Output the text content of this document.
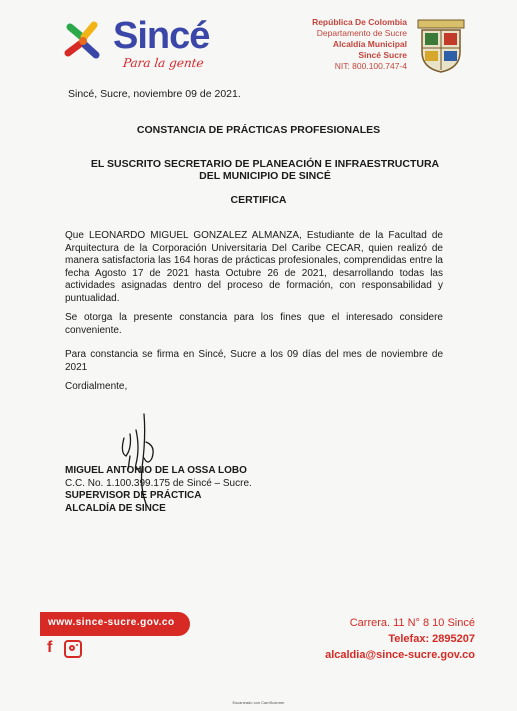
Sincé
Para la gente
República De Colombia
Departamento de Sucre
Alcaldía Municipal
Sincé Sucre
NIT: 800.100.747-4
Sincé, Sucre, noviembre 09 de 2021.
CONSTANCIA DE PRÁCTICAS PROFESIONALES
EL SUSCRITO SECRETARIO DE PLANEACIÓN E INFRAESTRUCTURA DEL MUNICIPIO DE SINCÉ
CERTIFICA
Que LEONARDO MIGUEL GONZALEZ ALMANZA, Estudiante de la Facultad de Arquitectura de la Corporación Universitaria Del Caribe CECAR, quien realizó de manera satisfactoria las 164 horas de prácticas profesionales, comprendidas entre la fecha Agosto 17 de 2021 hasta Octubre 26 de 2021, desarrollando todas las actividades asignadas dentro del proceso de formación, con responsabilidad y puntualidad.
Se otorga la presente constancia para los fines que el interesado considere conveniente.
Para constancia se firma en Sincé, Sucre a los 09 días del mes de noviembre de 2021
Cordialmente,
MIGUEL ANTONIO DE LA OSSA LOBO
C.C. No. 1.100.399.175 de Sincé – Sucre.
SUPERVISOR DE PRÁCTICA
ALCALDÍA DE SINCE
www.since-sucre.gov.co
f
Carrera. 11 N° 8 10 Sincé
Telefax: 2895207
alcaldia@since-sucre.gov.co
Escaneado con CamScanner
